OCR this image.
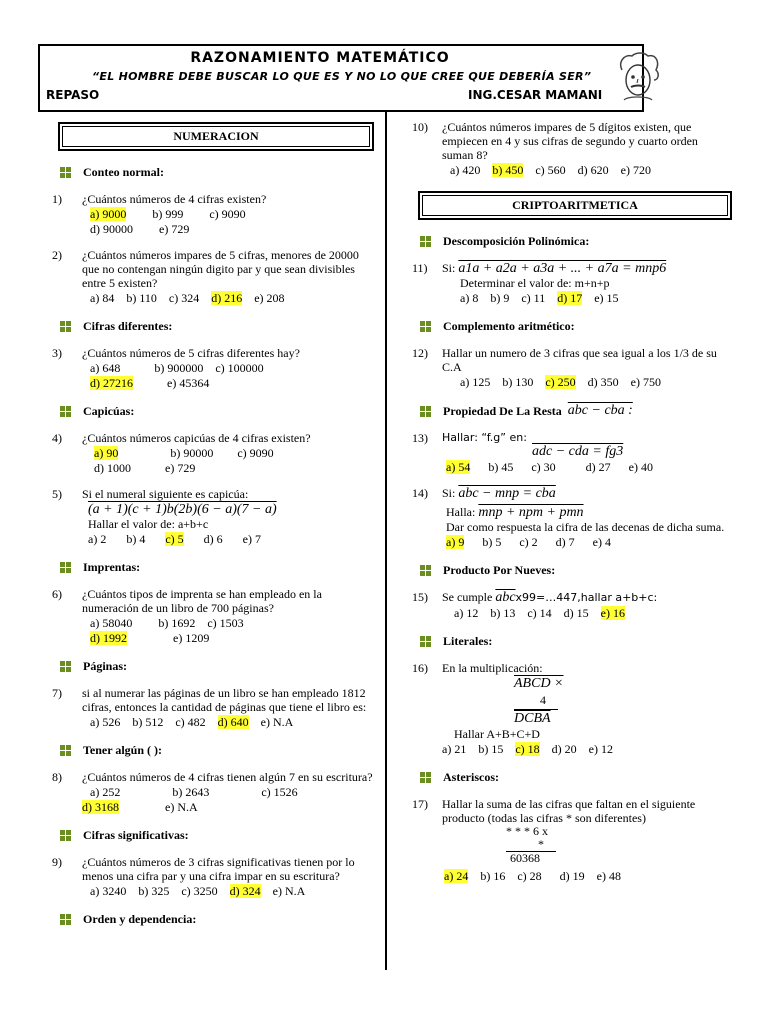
RAZONAMIENTO MATEMÁTICO
“EL HOMBRE DEBE BUSCAR LO QUE ES Y NO LO QUE CREE QUE DEBERÍA SER”
REPASO	ING.CESAR MAMANI
NUMERACION
Conteo normal:
1)	¿Cuántos números de 4 cifras existen?
a) 9000 b) 999 c) 9090
d) 90000 e) 729
2)	¿Cuántos números impares de 5 cifras, menores de 20000 que no contengan ningún digito par y que sean divisibles entre 5 existen?
a) 84 b) 110 c) 324 d) 216 e) 208
Cifras diferentes:
3)	¿Cuántos números de 5 cifras diferentes hay?
a) 648	b) 900000 c) 100000
d) 27216	e) 45364
Capicúas:
4)	¿Cuántos números capicúas de 4 cifras existen?
a) 90	b) 90000 c) 9090
d) 1000	e) 729
5)	Si el numeral siguiente es capicúa:
(a + 1)(c + 1)b(2b)(6 − a)(7 − a)
Hallar el valor de: a+b+c
a) 2 b) 4 c) 5 d) 6 e) 7
Imprentas:
6)	¿Cuántos tipos de imprenta se han empleado en la numeración de un libro de 700 páginas?
a) 58040 b) 1692 c) 1503
d) 1992	e) 1209
Páginas:
7)	si al numerar las páginas de un libro se han empleado 1812 cifras, entonces la cantidad de páginas que tiene el libro es:
a) 526 b) 512 c) 482 d) 640 e) N.A
Tener algún ( ):
8)	¿Cuántos números de 4 cifras tienen algún 7 en su escritura?
a) 252	b) 2643	c) 1526
d) 3168	e) N.A
Cifras significativas:
9)	¿Cuántos números de 3 cifras significativas tienen por lo menos una cifra par y una cifra impar en su escritura?
a) 3240 b) 325 c) 3250 d) 324 e) N.A
Orden y dependencia:
10)	¿Cuántos números impares de 5 dígitos existen, que empiecen en 4 y sus cifras de segundo y cuarto orden suman 8?
a) 420 b) 450 c) 560 d) 620 e) 720
CRIPTOARITMETICA
Descomposición Polinómica:
11)	Si: a1a + a2a + a3a + ... + a7a = mnp6
Determinar el valor de: m+n+p
a) 8 b) 9 c) 11 d) 17 e) 15
Complemento aritmético:
12)	Hallar un numero de 3 cifras que sea igual a los 1/3 de su C.A
a) 125 b) 130 c) 250 d) 350 e) 750
Propiedad De La Resta
abc − cba :
13)	Hallar: “f.g” en:
adc − cda = fg3
a) 54 b) 45 c) 30	d) 27 e) 40
14)	Si: abc − mnp = cba
Halla: mnp + npm + pmn
Dar como respuesta la cifra de las decenas de dicha suma.
a) 9 b) 5 c) 2 d) 7 e) 4
Producto Por Nueves:
15)	Se cumple $\overline{abc}x99=\dots 447,hallar$ a+b+c:
a) 12 b) 13 c) 14 d) 15 e) 16
Literales:
16)	En la multiplicación:
ABCD ×
4
DCBA
Hallar A+B+C+D
a) 21 b) 15 c) 18 d) 20 e) 12
Asteriscos:
17)	Hallar la suma de las cifras que faltan en el siguiente producto (todas las cifras * son diferentes)
* * * 6 x
*
60368
a) 24 b) 16 c) 28 d) 19 e) 48
